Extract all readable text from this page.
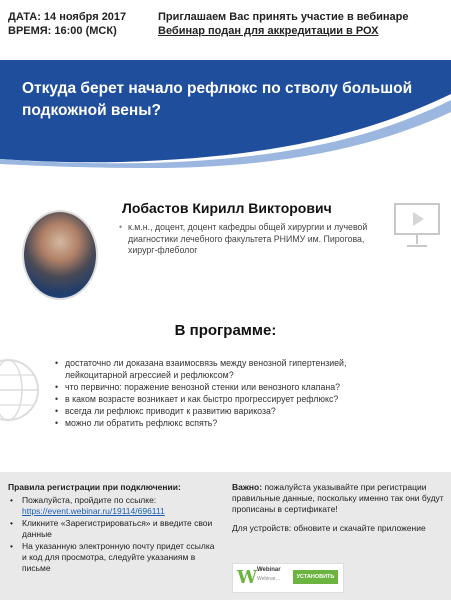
ДАТА: 14 ноября 2017
ВРЕМЯ: 16:00 (МСК)
Приглашаем Вас принять участие в вебинаре
Вебинар подан для аккредитации в РОХ
Откуда берет начало рефлюкс по стволу большой подкожной вены?
Лобастов Кирилл Викторович
• к.м.н., доцент, доцент кафедры общей хирургии и лучевой диагностики лечебного факультета РНИМУ им. Пирогова, хирург-флеболог
В программе:
• достаточно ли доказана взаимосвязь между венозной гипертензией, лейкоцитарной агрессией и рефлюксом?
• что первично: поражение венозной стенки или венозного клапана?
• в каком возрасте возникает и как быстро прогрессирует рефлюкс?
• всегда ли рефлюкс приводит к развитию варикоза?
• можно ли обратить рефлюкс вспять?
Правила регистрации при подключении:
• Пожалуйста, пройдите по ссылке:
https://event.webinar.ru/19114/696111
• Кликните «Зарегистрироваться» и введите свои данные
• На указанную электронную почту придет ссылка и код для просмотра, следуйте указаниям в письме
Важно: пожалуйста указывайте при регистрации правильные данные, поскольку именно так они будут прописаны в сертификате!
Для устройств: обновите и скачайте приложение
W Webinar
Webinar…	УСТАНОВИТЬ
